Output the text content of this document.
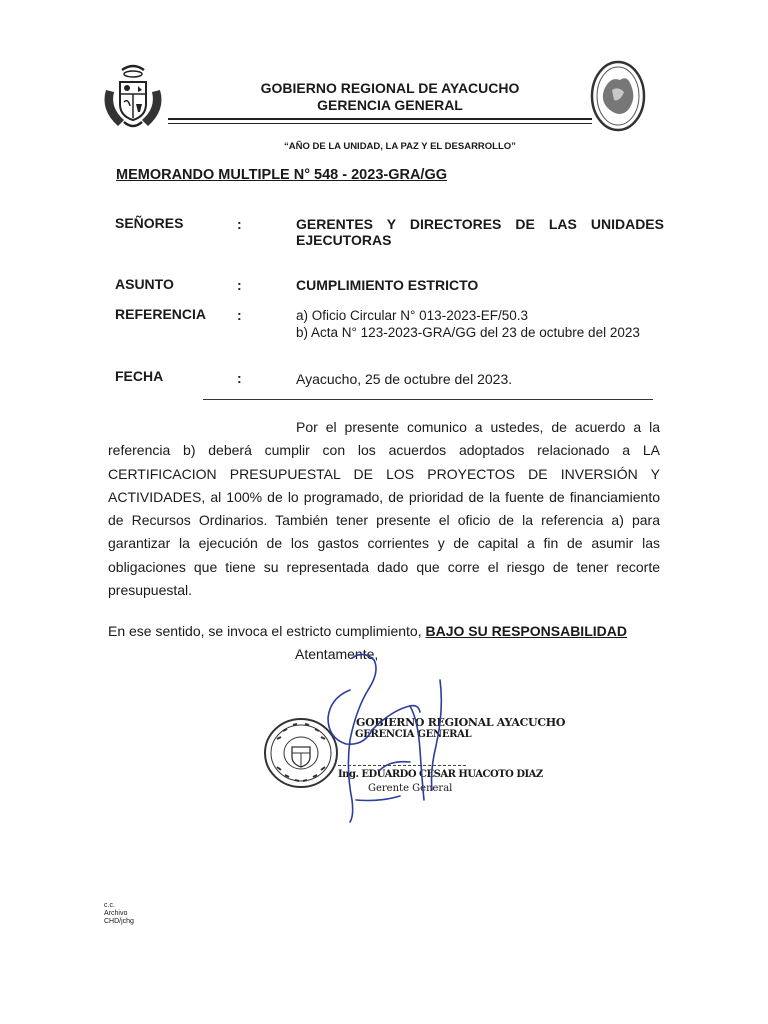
GOBIERNO REGIONAL DE AYACUCHO
GERENCIA GENERAL
“AÑO DE LA UNIDAD, LA PAZ Y EL DESARROLLO”
MEMORANDO MULTIPLE N° 548 - 2023-GRA/GG
SEÑORES	:	GERENTES Y DIRECTORES DE LAS UNIDADES
EJECUTORAS
ASUNTO	:	CUMPLIMIENTO ESTRICTO
REFERENCIA :	a) Oficio Circular N° 013-2023-EF/50.3
b) Acta N° 123-2023-GRA/GG del 23 de octubre del 2023
FECHA	:	Ayacucho, 25 de octubre del 2023.

Por el presente comunico a ustedes, de acuerdo a la referencia b) deberá cumplir con los acuerdos adoptados relacionado a LA CERTIFICACION PRESUPUESTAL DE LOS PROYECTOS DE INVERSIÓN Y ACTIVIDADES, al 100% de lo programado, de prioridad de la fuente de financiamiento de Recursos Ordinarios. También tener presente el oficio de la referencia a) para garantizar la ejecución de los gastos corrientes y de capital a fin de asumir las obligaciones que tiene su representada dado que corre el riesgo de tener recorte presupuestal.

En ese sentido, se invoca el estricto cumplimiento, BAJO SU RESPONSABILIDAD
Atentamente,
GOBIERNO REGIONAL AYACUCHO
GERENCIA GENERAL
Ing. EDUARDO CESAR HUACOTO DIAZ
Gerente General
c.c.
Archivo
CHD/jchg
